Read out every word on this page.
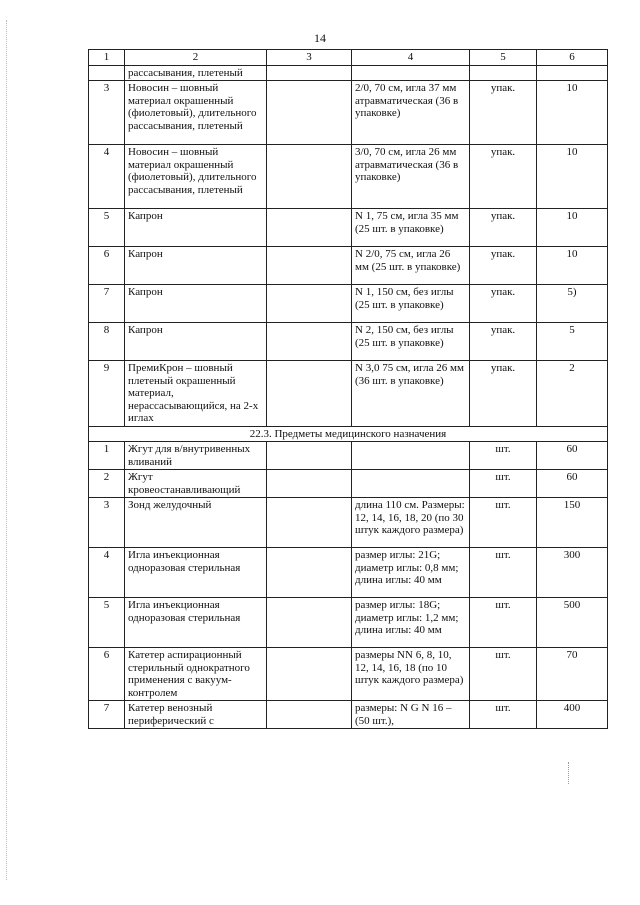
14
1	2	3	4	5	6
	рассасывания, плетеный				
3	Новосин – шовный материал окрашенный (фиолетовый), длительного рассасывания, плетеный		2/0, 70 см, игла 37 мм атравматическая (36 в упаковке)	упак.	10
4	Новосин – шовный материал окрашенный (фиолетовый), длительного рассасывания, плетеный		3/0, 70 см, игла 26 мм атравматическая (36 в упаковке)	упак.	10
5	Капрон		N 1, 75 см, игла 35 мм (25 шт. в упаковке)	упак.	10
6	Капрон		N 2/0, 75 см, игла 26 мм (25 шт. в упаковке)	упак.	10
7	Капрон		N 1, 150 см, без иглы (25 шт. в упаковке)	упак.	5)
8	Капрон		N 2, 150 см, без иглы (25 шт. в упаковке)	упак.	5
9	ПремиКрон – шовный плетеный окрашенный материал, нерассасывающийся, на 2-х иглах		N 3,0 75 см, игла 26 мм (36 шт. в упаковке)	упак.	2
22.3. Предметы медицинского назначения					
1	Жгут для в/внутривенных вливаний			шт.	60
2	Жгут кровеостанавливающий			шт.	60
3	Зонд желудочный		длина 110 см. Размеры: 12, 14, 16, 18, 20 (по 30 штук каждого размера)	шт.	150
4	Игла инъекционная одноразовая стерильная		размер иглы: 21G; диаметр иглы: 0,8 мм; длина иглы: 40 мм	шт.	300
5	Игла инъекционная одноразовая стерильная		размер иглы: 18G; диаметр иглы: 1,2 мм; длина иглы: 40 мм	шт.	500
6	Катетер аспирационный стерильный однократного применения с вакуум-контролем		размеры NN 6, 8, 10, 12, 14, 16, 18 (по 10 штук каждого размера)	шт.	70
7	Катетер венозный периферический с		размеры: N G N 16 – (50 шт.),	шт.	400
